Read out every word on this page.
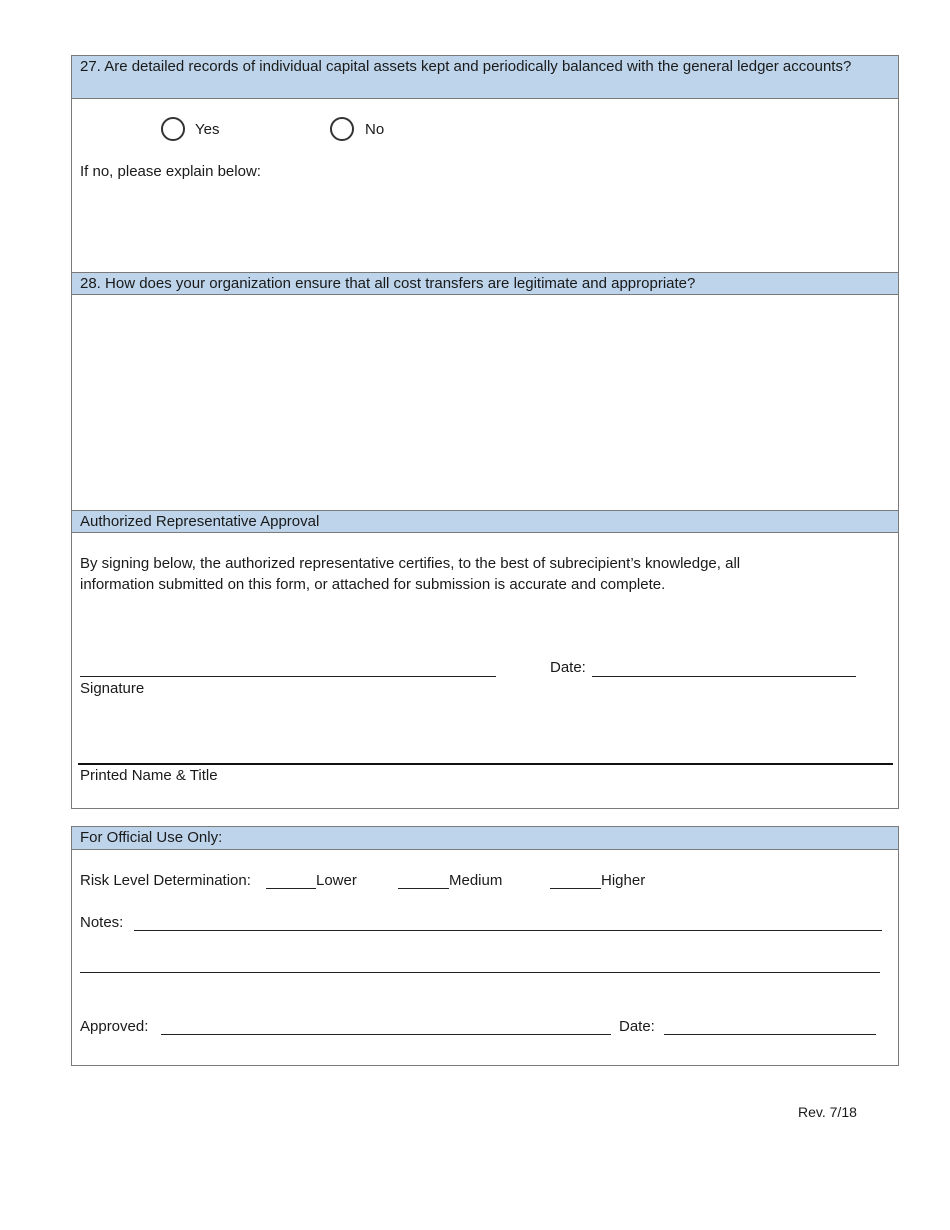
27. Are detailed records of individual capital assets kept and periodically balanced with the general ledger accounts?
Yes	No
If no, please explain below:
28. How does your organization ensure that all cost transfers are legitimate and appropriate?
Authorized Representative Approval
By signing below, the authorized representative certifies, to the best of subrecipient’s knowledge, all information submitted on this form, or attached for submission is accurate and complete.
Date:
Signature
Printed Name & Title
For Official Use Only:
Risk Level Determination:	Lower	Medium	Higher
Notes:
Approved:	Date:
Rev. 7/18
